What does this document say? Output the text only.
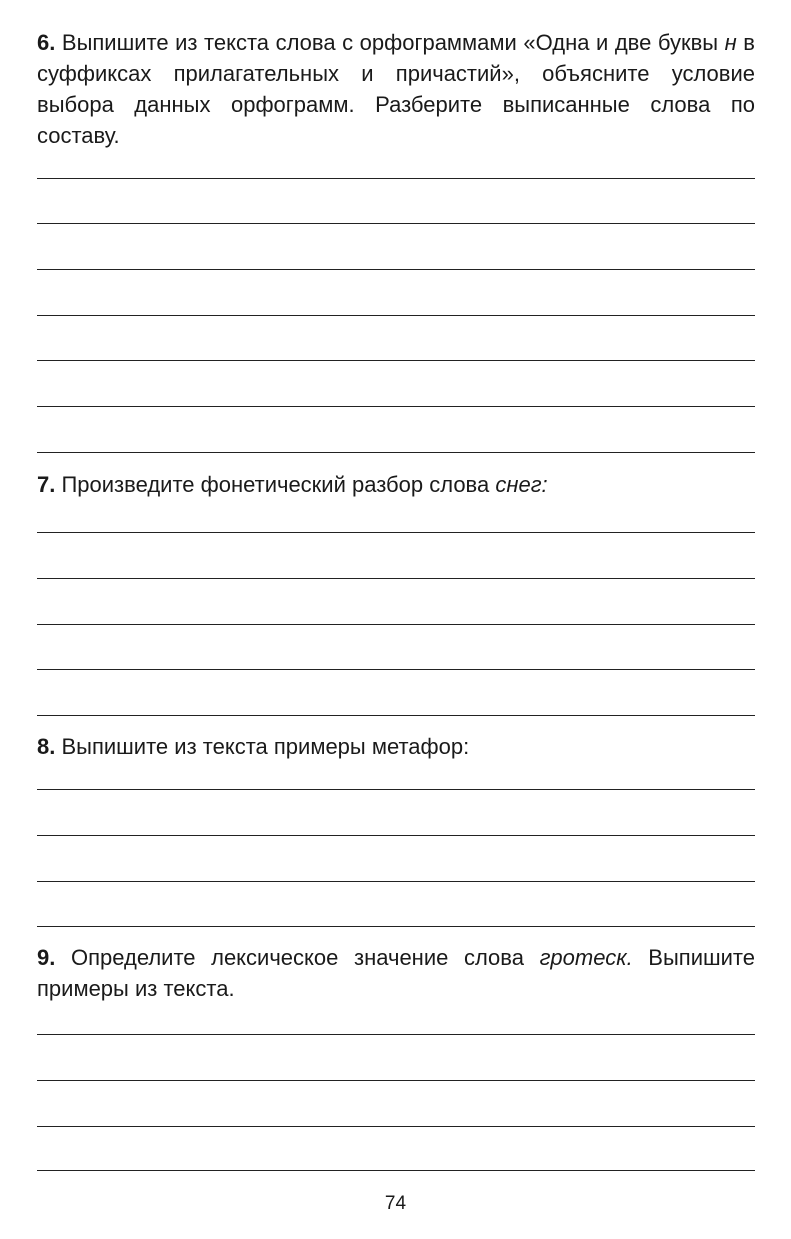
6. Выпишите из текста слова с орфограммами «Одна и две буквы н в суффиксах прилагательных и причастий», объясните условие выбора данных орфограмм. Разберите выписанные слова по составу.

7. Произведите фонетический разбор слова снег:

8. Выпишите из текста примеры метафор:

9. Определите лексическое значение слова гротеск. Выпишите примеры из текста.

74
